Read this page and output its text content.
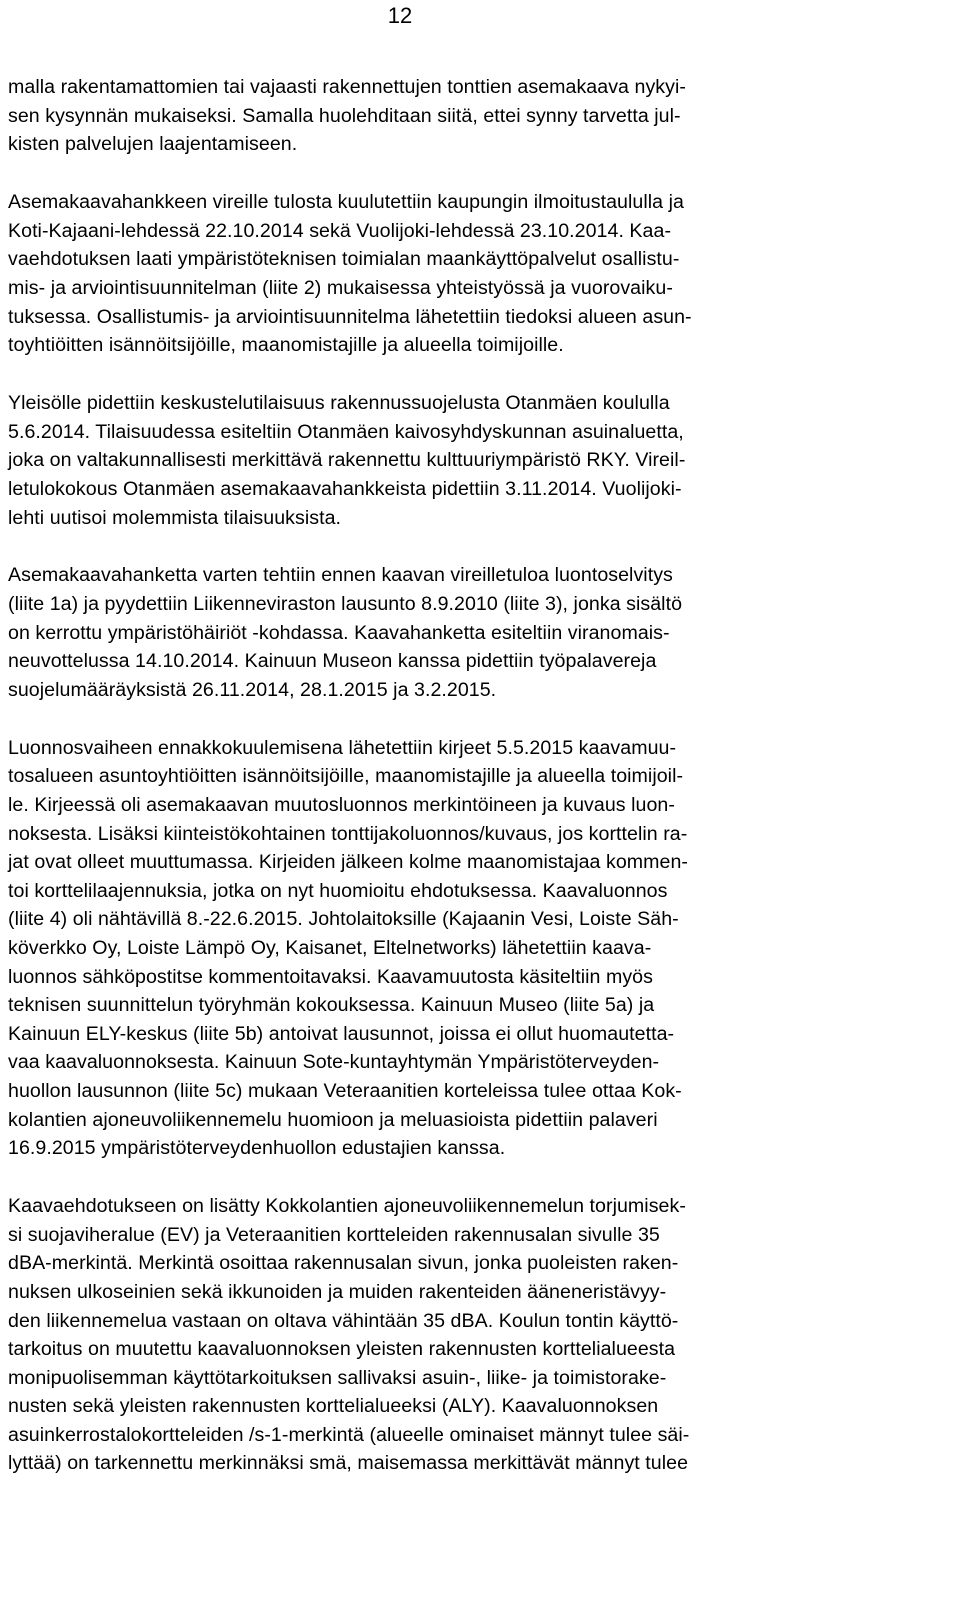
12
malla rakentamattomien tai vajaasti rakennettujen tonttien asemakaava nykyi-
sen kysynnän mukaiseksi. Samalla huolehditaan siitä, ettei synny tarvetta jul-
kisten palvelujen laajentamiseen.
Asemakaavahankkeen vireille tulosta kuulutettiin kaupungin ilmoitustaululla ja
Koti-Kajaani-lehdessä 22.10.2014 sekä Vuolijoki-lehdessä 23.10.2014. Kaa-
vaehdotuksen laati ympäristöteknisen toimialan maankäyttöpalvelut osallistu-
mis- ja arviointisuunnitelman (liite 2) mukaisessa yhteistyössä ja vuorovaiku-
tuksessa. Osallistumis- ja arviointisuunnitelma lähetettiin tiedoksi alueen asun-
toyhtiöitten isännöitsijöille, maanomistajille ja alueella toimijoille.
Yleisölle pidettiin keskustelutilaisuus rakennussuojelusta Otanmäen koululla
5.6.2014. Tilaisuudessa esiteltiin Otanmäen kaivosyhdyskunnan asuinaluetta,
joka on valtakunnallisesti merkittävä rakennettu kulttuuriympäristö RKY. Vireil-
letulokokous Otanmäen asemakaavahankkeista pidettiin 3.11.2014. Vuolijoki-
lehti uutisoi molemmista tilaisuuksista.
Asemakaavahanketta varten tehtiin ennen kaavan vireilletuloa luontoselvitys
(liite 1a) ja pyydettiin Liikenneviraston lausunto 8.9.2010 (liite 3), jonka sisältö
on kerrottu ympäristöhäiriöt -kohdassa. Kaavahanketta esiteltiin viranomais-
neuvottelussa 14.10.2014. Kainuun Museon kanssa pidettiin työpalavereja
suojelumääräyksistä 26.11.2014, 28.1.2015 ja 3.2.2015.
Luonnosvaiheen ennakkokuulemisena lähetettiin kirjeet 5.5.2015 kaavamuu-
tosalueen asuntoyhtiöitten isännöitsijöille, maanomistajille ja alueella toimijoil-
le. Kirjeessä oli asemakaavan muutosluonnos merkintöineen ja kuvaus luon-
noksesta. Lisäksi kiinteistökohtainen tonttijakoluonnos/kuvaus, jos korttelin ra-
jat ovat olleet muuttumassa. Kirjeiden jälkeen kolme maanomistajaa kommen-
toi korttelilaajennuksia, jotka on nyt huomioitu ehdotuksessa. Kaavaluonnos
(liite 4) oli nähtävillä 8.-22.6.2015. Johtolaitoksille (Kajaanin Vesi, Loiste Säh-
köverkko Oy, Loiste Lämpö Oy, Kaisanet, Eltelnetworks) lähetettiin kaava-
luonnos sähköpostitse kommentoitavaksi. Kaavamuutosta käsiteltiin myös
teknisen suunnittelun työryhmän kokouksessa. Kainuun Museo (liite 5a) ja
Kainuun ELY-keskus (liite 5b) antoivat lausunnot, joissa ei ollut huomautetta-
vaa kaavaluonnoksesta. Kainuun Sote-kuntayhtymän Ympäristöterveyden-
huollon lausunnon (liite 5c) mukaan Veteraanitien korteleissa tulee ottaa Kok-
kolantien ajoneuvoliikennemelu huomioon ja meluasioista pidettiin palaveri
16.9.2015 ympäristöterveydenhuollon edustajien kanssa.
Kaavaehdotukseen on lisätty Kokkolantien ajoneuvoliikennemelun torjumisek-
si suojaviheralue (EV) ja Veteraanitien kortteleiden rakennusalan sivulle 35
dBA-merkintä. Merkintä osoittaa rakennusalan sivun, jonka puoleisten raken-
nuksen ulkoseinien sekä ikkunoiden ja muiden rakenteiden ääneneristävyy-
den liikennemelua vastaan on oltava vähintään 35 dBA. Koulun tontin käyttö-
tarkoitus on muutettu kaavaluonnoksen yleisten rakennusten korttelialueesta
monipuolisemman käyttötarkoituksen sallivaksi asuin-, liike- ja toimistorake-
nusten sekä yleisten rakennusten korttelialueeksi (ALY). Kaavaluonnoksen
asuinkerrostalokortteleiden /s-1-merkintä (alueelle ominaiset männyt tulee säi-
lyttää) on tarkennettu merkinnäksi smä, maisemassa merkittävät männyt tulee
